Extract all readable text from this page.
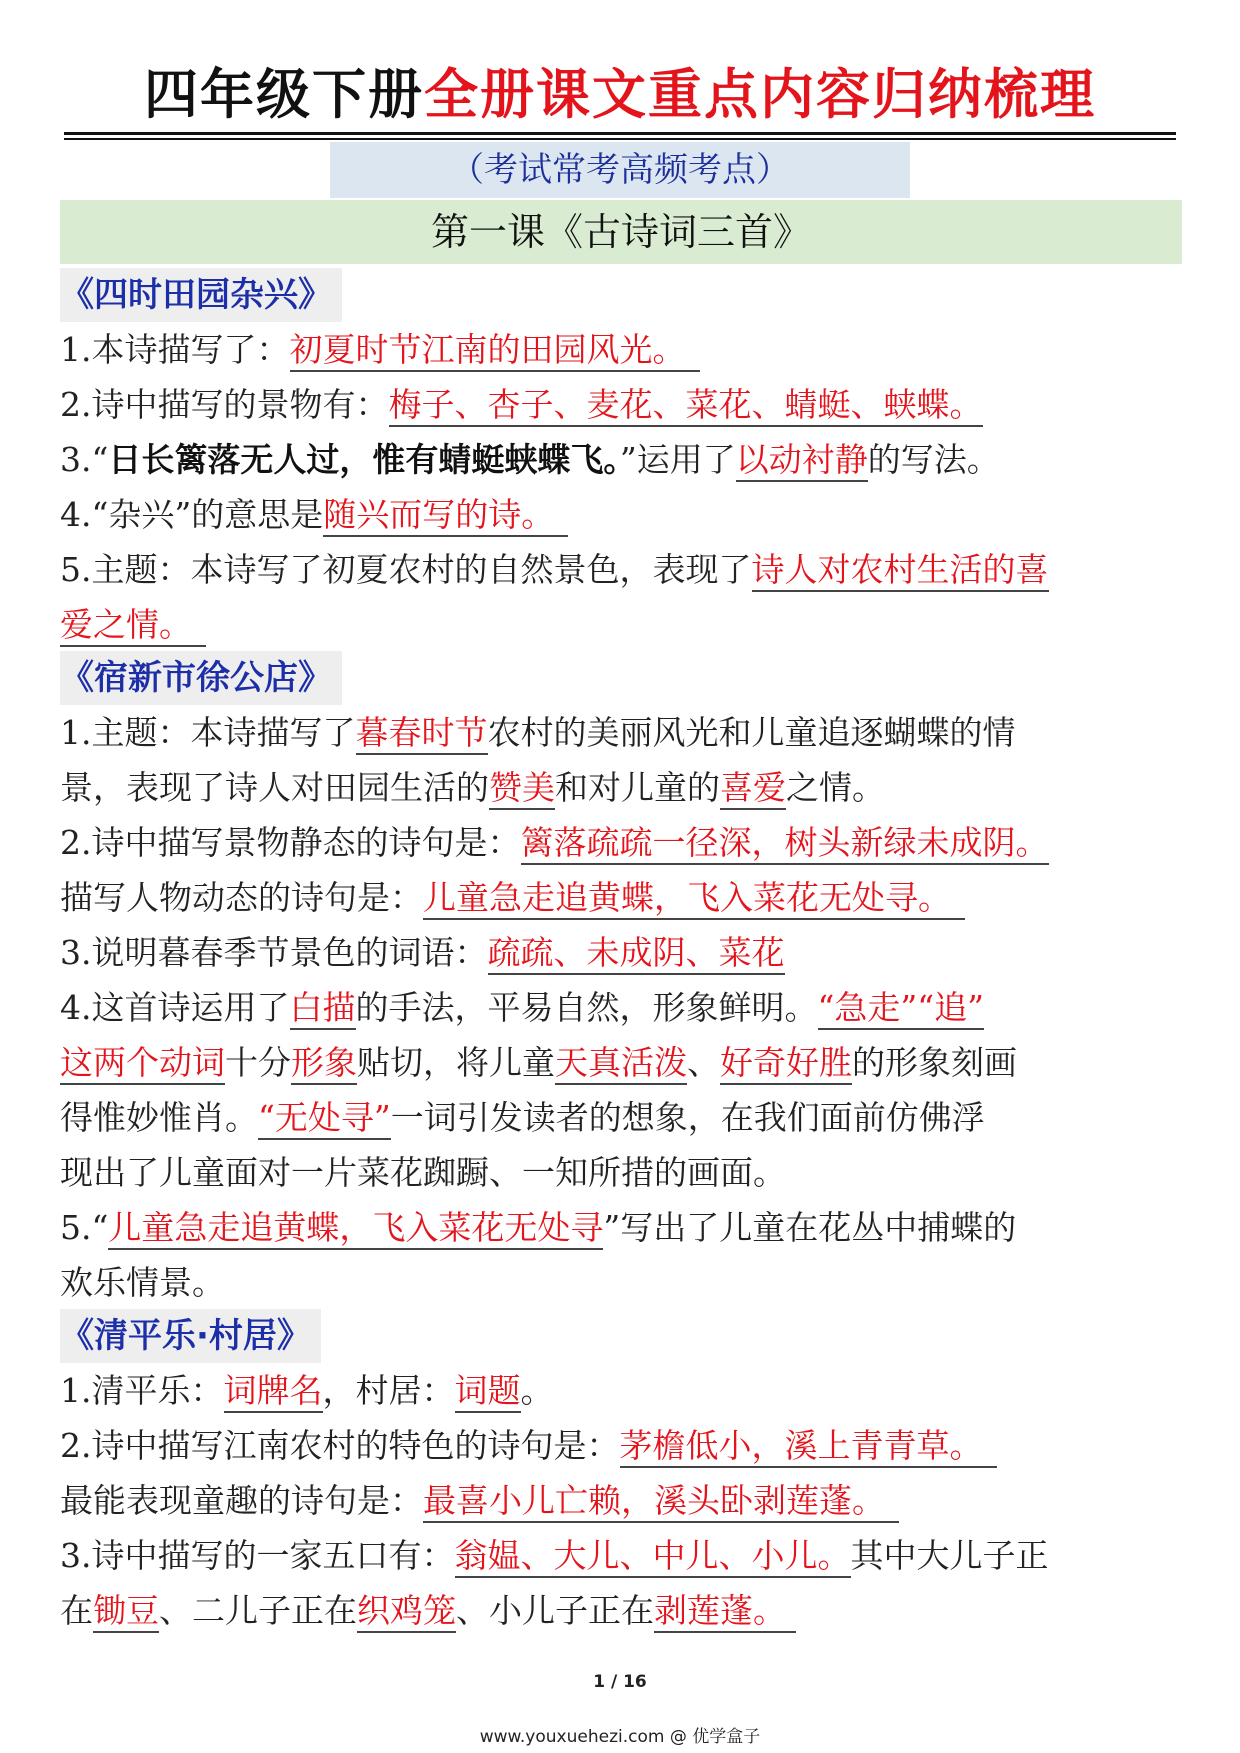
四年级下册全册课文重点内容归纳梳理
（考试常考高频考点）
第一课《古诗词三首》
《四时田园杂兴》
1.本诗描写了：初夏时节江南的田园风光。
2.诗中描写的景物有：梅子、杏子、麦花、菜花、蜻蜓、蛱蝶。
3.“日长篱落无人过，惟有蜻蜓蛱蝶飞。”运用了以动衬静的写法。
4.“杂兴”的意思是随兴而写的诗。
5.主题：本诗写了初夏农村的自然景色，表现了诗人对农村生活的喜
爱之情。
《宿新市徐公店》
1.主题：本诗描写了暮春时节农村的美丽风光和儿童追逐蝴蝶的情
景，表现了诗人对田园生活的赞美和对儿童的喜爱之情。
2.诗中描写景物静态的诗句是：篱落疏疏一径深，树头新绿未成阴。
描写人物动态的诗句是：儿童急走追黄蝶，飞入菜花无处寻。
3.说明暮春季节景色的词语：疏疏、未成阴、菜花
4.这首诗运用了白描的手法，平易自然，形象鲜明。“急走”“追”
这两个动词十分形象贴切，将儿童天真活泼、好奇好胜的形象刻画
得惟妙惟肖。“无处寻”一词引发读者的想象，在我们面前仿佛浮
现出了儿童面对一片菜花踟蹰、一知所措的画面。
5.“儿童急走追黄蝶，飞入菜花无处寻”写出了儿童在花丛中捕蝶的
欢乐情景。
《清平乐·村居》
1.清平乐：词牌名，村居：词题。
2.诗中描写江南农村的特色的诗句是：茅檐低小，溪上青青草。
最能表现童趣的诗句是：最喜小儿亡赖，溪头卧剥莲蓬。
3.诗中描写的一家五口有：翁媪、大儿、中儿、小儿。其中大儿子正
在锄豆、二儿子正在织鸡笼、小儿子正在剥莲蓬。
1 / 16
www.youxuehezi.com @ 优学盒子
